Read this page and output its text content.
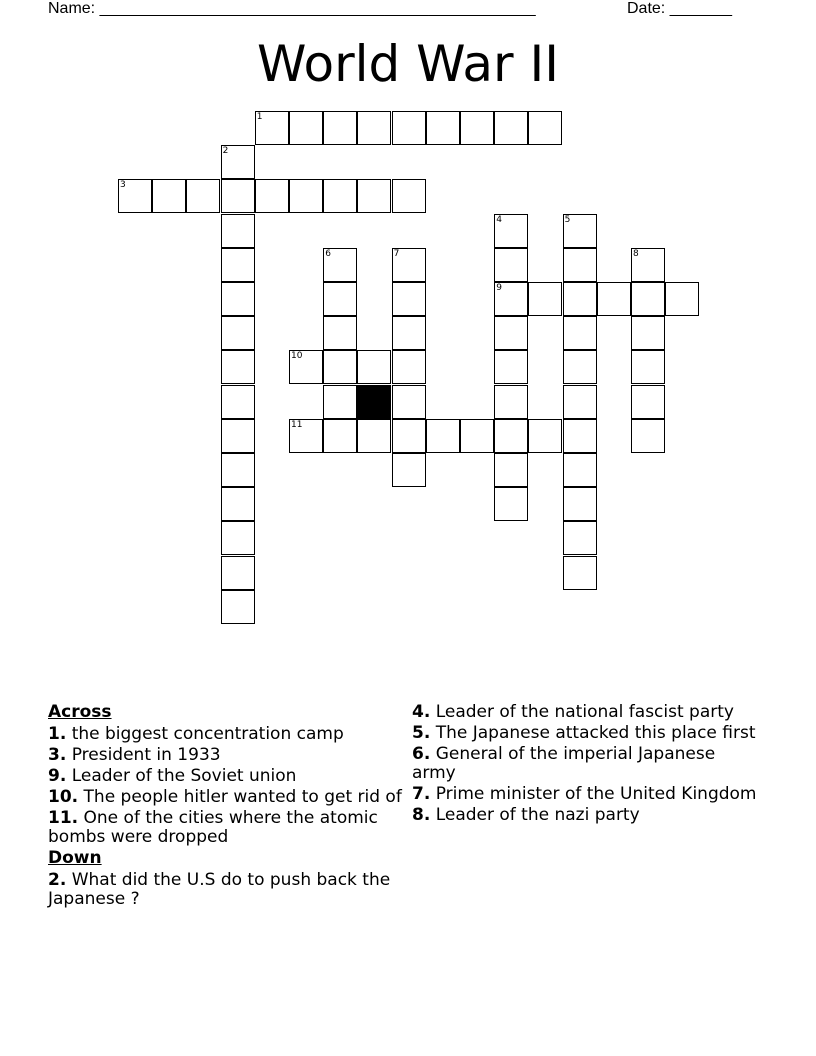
Name: _________________________________________________	Date: _______
World War II
1
3
9
10
11
2
4	5
6	7	8
Across
1. the biggest concentration camp
3. President in 1933
9. Leader of the Soviet union
10. The people hitler wanted to get rid of
11. One of the cities where the atomic bombs were dropped
Down
2. What did the U.S do to push back the Japanese ?
4. Leader of the national fascist party
5. The Japanese attacked this place first
6. General of the imperial Japanese army
7. Prime minister of the United Kingdom
8. Leader of the nazi party
